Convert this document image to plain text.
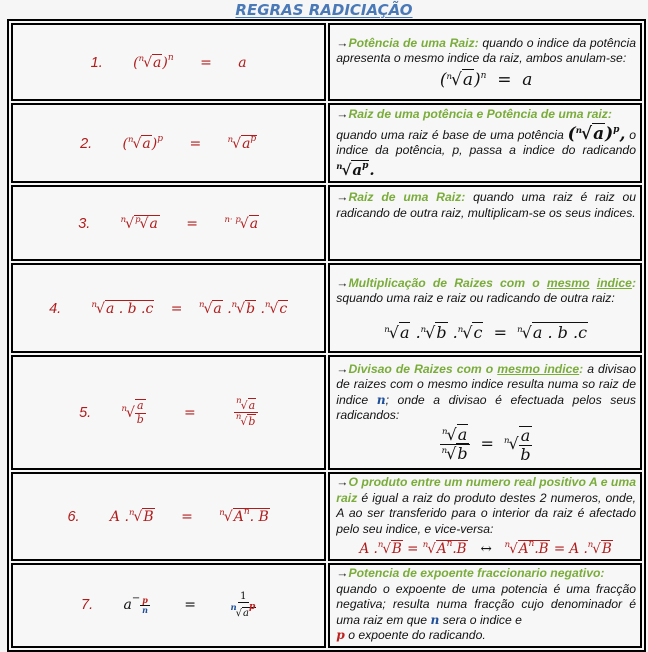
REGRAS RADICIAÇÃO
1. $(^n√a)^n = a$	→Potência de uma Raiz: quando o indice da potência apresenta o mesmo indice da raiz, ambos anulam-se:
$(^n√a)^n = a$

2. $(^n√a)^p = ^n√a^p$	→Raiz de uma potência e Potência de uma raiz:
quando uma raiz é base de uma potência $(^n√a)^p$, o indice da potência, p, passa a indice do radicando $^n√a^p$.
3. $^n$√$^p$√a = $^{n\cdot p}$√a	→Raiz de uma Raiz: quando uma raiz é raiz ou radicando de outra raiz, multiplicam-se os seus indices.
4. $^n$√a . b .c = $^n$√a .$^n$√b .$^n$√c	→Multiplicação de Raizes com o mesmo indice: squando uma raiz e raiz ou radicando de outra raiz:
$^n$√a .$^n$√b .$^n$√c  =  $^n$√a . b .c

5.	$^n√ \frac{a}{b}$	=	$\frac{^n√a}{^n√b}$
	→Divisao de Raizes com o mesmo indice: a divisao de raizes com o mesmo indice resulta numa so raiz de indice n; onde a divisao é efectuada pelos seus radicandos:
$\frac{^n√a}{^n√b} = ^n√ \frac{a}{b}$

6. A $.^n√B = ^n√A^n$. B	→O produto entre um numero real positivo A e uma raiz é igual a raiz do produto destes 2 numeros, onde, A ao ser transferido para o interior da raiz é afectado pelo seu indice, e vice-versa:
A $.^n√B = ^n√A^n.B$ ↔ $^n√A^n.B = A$ .$^n$√B

7. $a^- \frac{p}{n}$ =	$\frac{1}{^n√ap}$
	→Potencia de expoente fraccionario negativo:
quando o expoente de uma potencia é uma fracção negativa; resulta numa fracção cujo denominador é uma raiz em que n sera o indice e
p o expoente do radicando.
